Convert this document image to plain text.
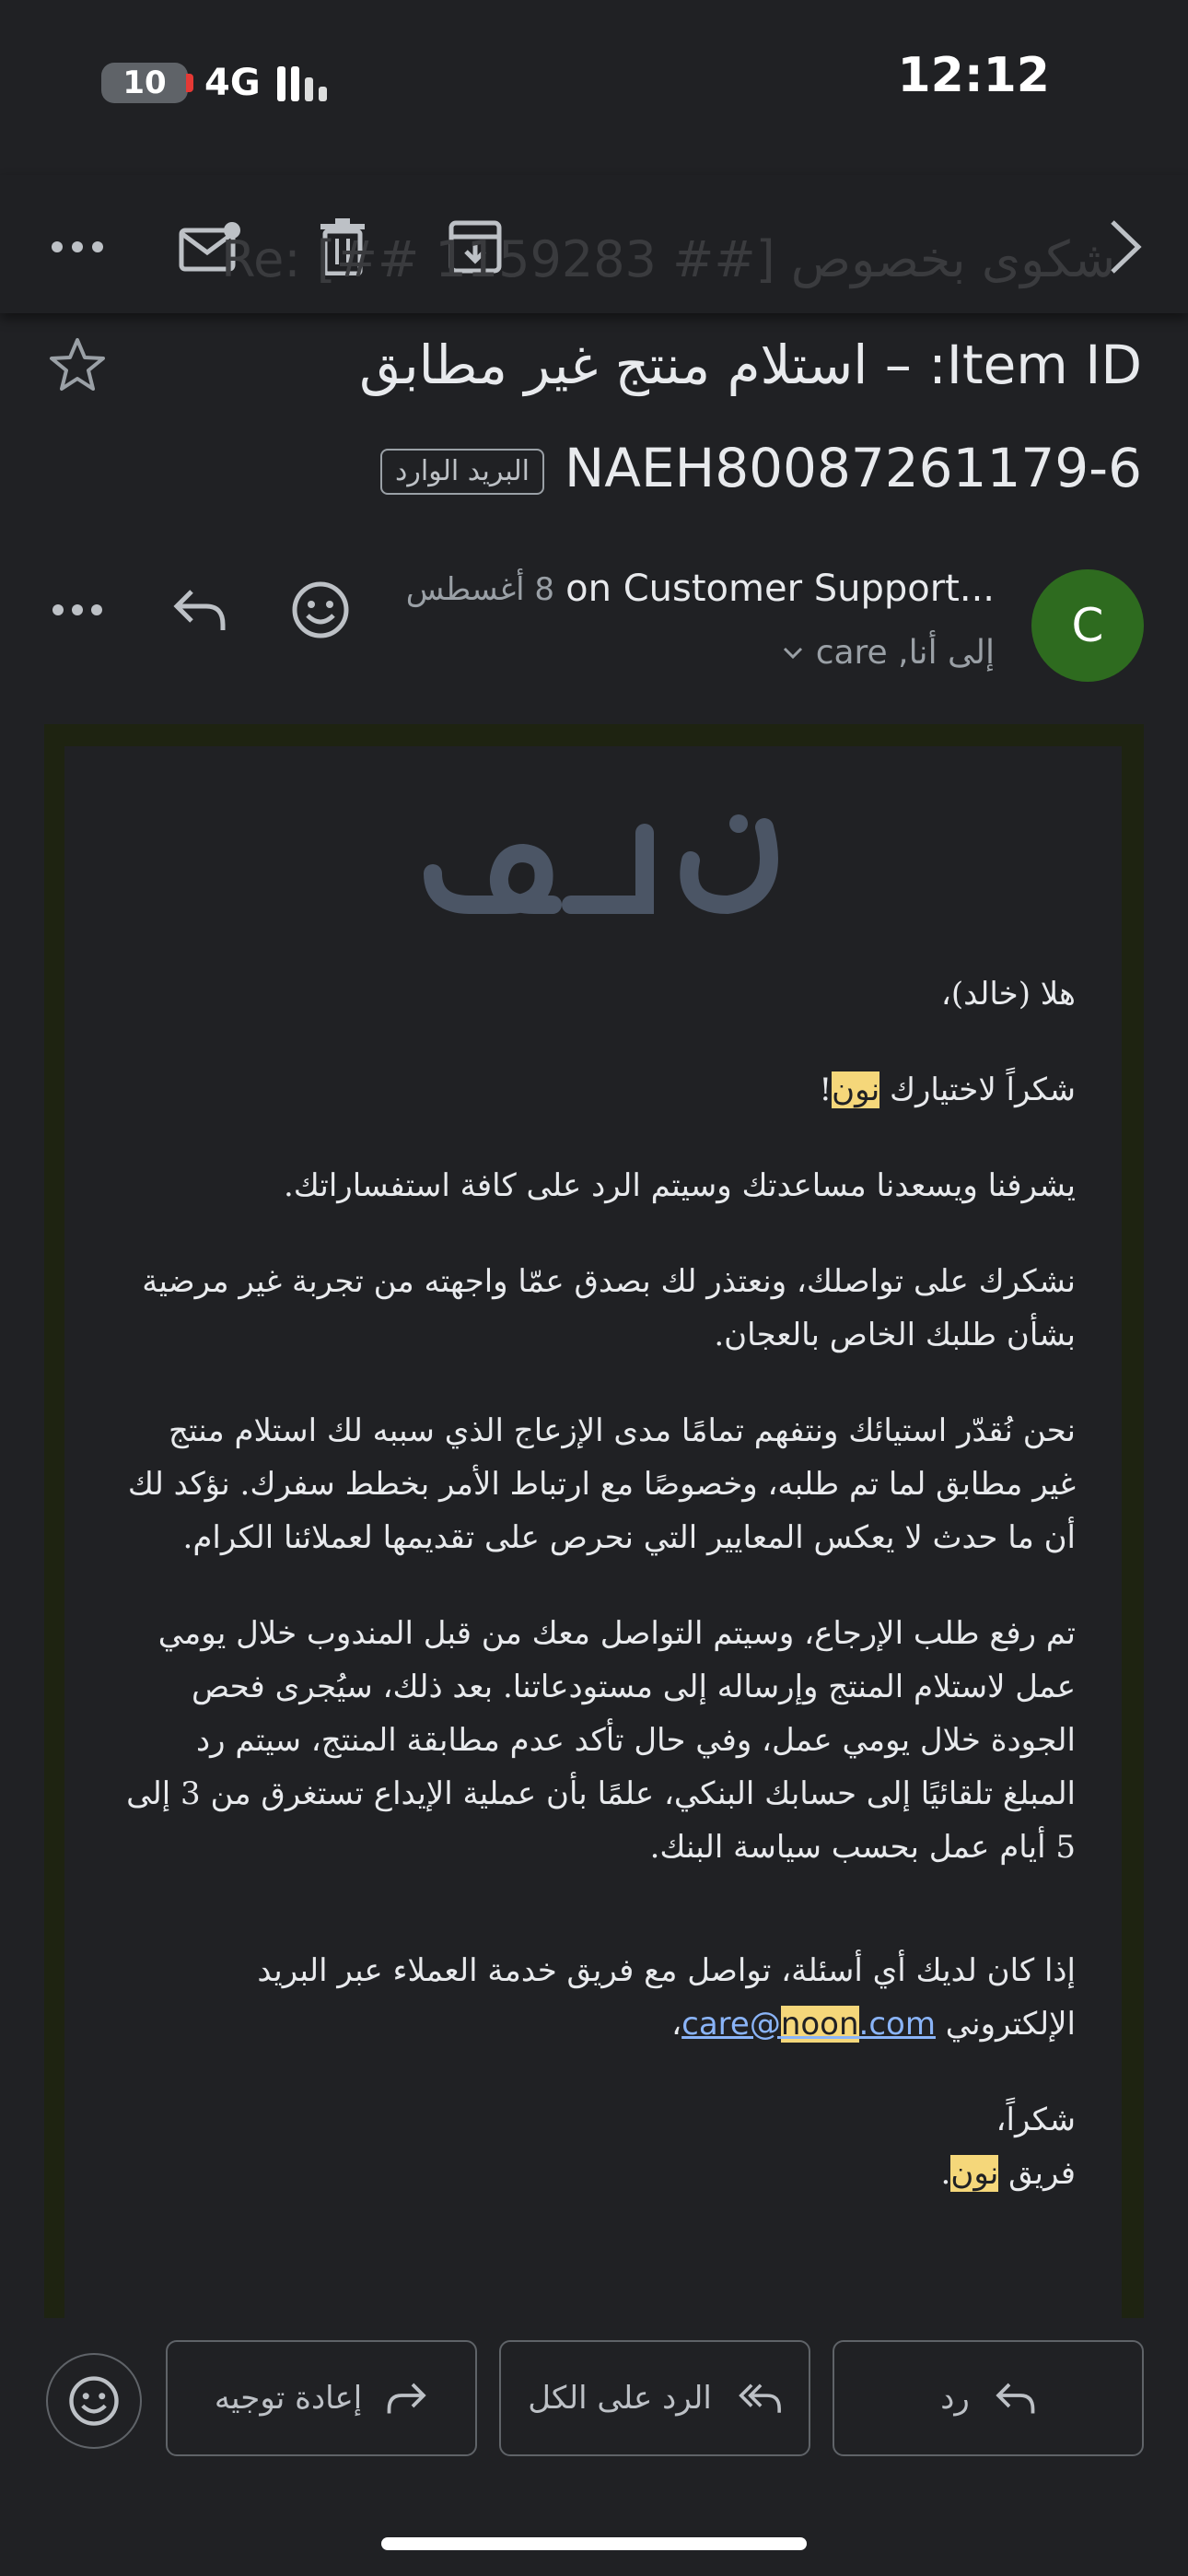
10 4G	12:12
شكوى بخصوص [## 1159283 ##] :Re
Item ID: – استلام منتج غير مطابق
NAEH80087261179-6البريد الوارد
C
on Customer Support...
8 أغسطس
إلى أنا, care

هلا (خالد)،

شكراً لاختيارك نون!

يشرفنا ويسعدنا مساعدتك وسيتم الرد على كافة استفساراتك.

نشكرك على تواصلك، ونعتذر لك بصدق عمّا واجهته من تجربة غير مرضية بشأن طلبك الخاص بالعجان.

نحن نُقدّر استيائك ونتفهم تمامًا مدى الإزعاج الذي سببه لك استلام منتج غير مطابق لما تم طلبه، وخصوصًا مع ارتباط الأمر بخطط سفرك. نؤكد لك أن ما حدث لا يعكس المعايير التي نحرص على تقديمها لعملائنا الكرام.

تم رفع طلب الإرجاع، وسيتم التواصل معك من قبل المندوب خلال يومي عمل لاستلام المنتج وإرساله إلى مستودعاتنا. بعد ذلك، سيُجرى فحص الجودة خلال يومي عمل، وفي حال تأكد عدم مطابقة المنتج، سيتم رد المبلغ تلقائيًا إلى حسابك البنكي، علمًا بأن عملية الإيداع تستغرق من 3 إلى 5 أيام عمل بحسب سياسة البنك.

إذا كان لديك أي أسئلة، تواصل مع فريق خدمة العملاء عبر البريد الإلكتروني care@noon.com،

شكراً،
فريق نون.

إعادة توجيه	الرد على الكل	رد
